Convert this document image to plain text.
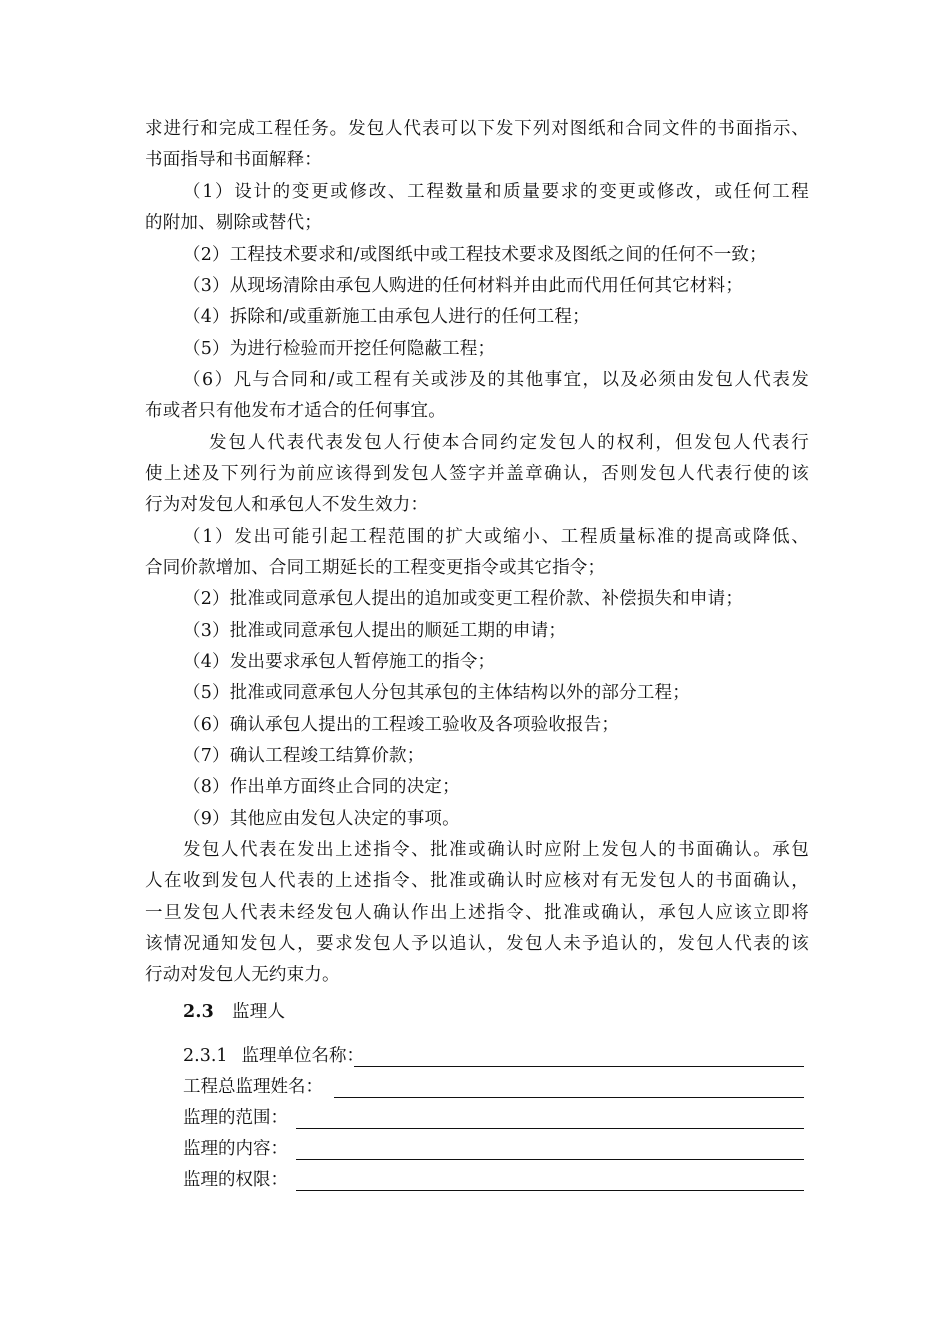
求进行和完成工程任务。发包人代表可以下发下列对图纸和合同文件的书面指示、
书面指导和书面解释：
（1）设计的变更或修改、工程数量和质量要求的变更或修改，或任何工程
的附加、剔除或替代；
（2）工程技术要求和/或图纸中或工程技术要求及图纸之间的任何不一致；
（3）从现场清除由承包人购进的任何材料并由此而代用任何其它材料；
（4）拆除和/或重新施工由承包人进行的任何工程；
（5）为进行检验而开挖任何隐蔽工程；
（6）凡与合同和/或工程有关或涉及的其他事宜，以及必须由发包人代表发
布或者只有他发布才适合的任何事宜。
发包人代表代表发包人行使本合同约定发包人的权利，但发包人代表行
使上述及下列行为前应该得到发包人签字并盖章确认，否则发包人代表行使的该
行为对发包人和承包人不发生效力：
（1）发出可能引起工程范围的扩大或缩小、工程质量标准的提高或降低、
合同价款增加、合同工期延长的工程变更指令或其它指令；
（2）批准或同意承包人提出的追加或变更工程价款、补偿损失和申请；
（3）批准或同意承包人提出的顺延工期的申请；
（4）发出要求承包人暂停施工的指令；
（5）批准或同意承包人分包其承包的主体结构以外的部分工程；
（6）确认承包人提出的工程竣工验收及各项验收报告；
（7）确认工程竣工结算价款；
（8）作出单方面终止合同的决定；
（9）其他应由发包人决定的事项。
发包人代表在发出上述指令、批准或确认时应附上发包人的书面确认。承包
人在收到发包人代表的上述指令、批准或确认时应核对有无发包人的书面确认，
一旦发包人代表未经发包人确认作出上述指令、批准或确认，承包人应该立即将
该情况通知发包人，要求发包人予以追认，发包人未予追认的，发包人代表的该
行动对发包人无约束力。
2.3 监理人
2.3.1 监理单位名称：
工程总监理姓名：
监理的范围：
监理的内容：
监理的权限：
